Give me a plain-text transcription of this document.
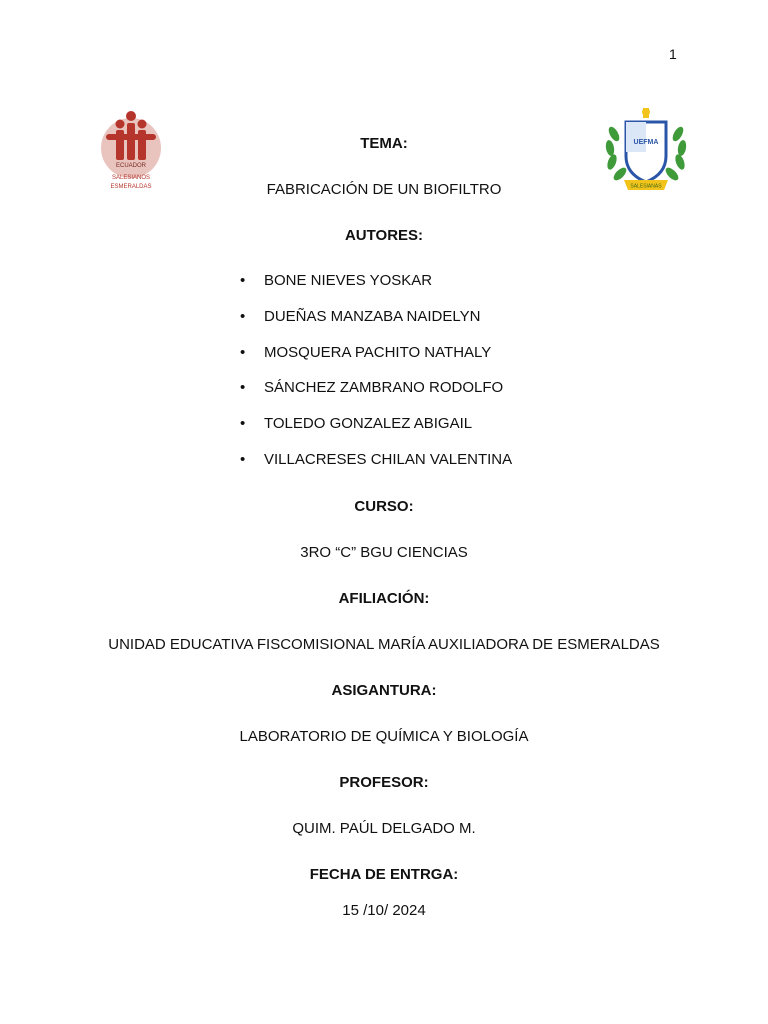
1
ECUADOR
SALESIANOS
ESMERALDAS
UEFMA
SALESIANAS
TEMA:
FABRICACIÓN DE UN BIOFILTRO
AUTORES:
• BONE NIEVES YOSKAR
• DUEÑAS MANZABA NAIDELYN
• MOSQUERA PACHITO NATHALY
• SÁNCHEZ ZAMBRANO RODOLFO
• TOLEDO GONZALEZ ABIGAIL
• VILLACRESES CHILAN VALENTINA
CURSO:
3RO “C” BGU CIENCIAS
AFILIACIÓN:
UNIDAD EDUCATIVA FISCOMISIONAL MARÍA AUXILIADORA DE ESMERALDAS
ASIGANTURA:
LABORATORIO DE QUÍMICA Y BIOLOGÍA
PROFESOR:
QUIM. PAÚL DELGADO M.
FECHA DE ENTRGA:
15 /10/ 2024
